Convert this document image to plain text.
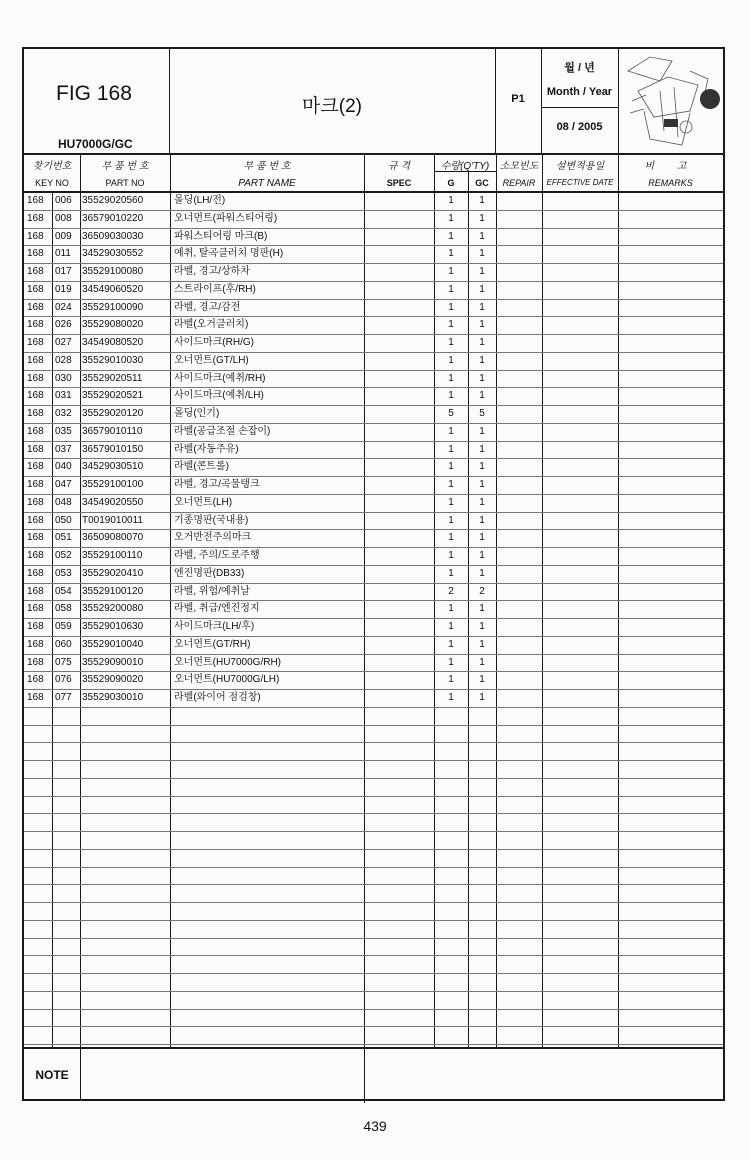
FIG 168
HU7000G/GC
마크(2)	P1
월 / 년
Month / Year
08 / 2005
찾기번호
KEY NO
부 품 번 호
PART NO
부 품 번 호
PART NAME
규 격
SPEC
수량(Q'TY)
G	GC
소모빈도
REPAIR
설변적용일
EFFECTIVE DATE
비 고
REMARKS
168 006 35529020560	몰딩(LH/전)	1	1
168 008 36579010220	오너먼트(파워스티어링)	1	1
168 009 36509030030	파워스티어링 마크(B)	1	1
168 011 34529030552	예취, 탈곡클러치 명판(H)	1	1
168 017 35529100080	라벨, 경고/상하차	1	1
168 019 34549060520	스트라이프(후/RH)	1	1
168 024 35529100090	라벨, 경고/감전	1	1
168 026 35529080020	라벨(오거클러치)	1	1
168 027 34549080520	사이드마크(RH/G)	1	1
168 028 35529010030	오너먼트(GT/LH)	1	1
168 030 35529020511	사이드마크(예취/RH)	1	1
168 031 35529020521	사이드마크(예취/LH)	1	1
168 032 35529020120	몰딩(인기)	5	5
168 035 36579010110	라벨(공급조절 손잡이)	1	1
168 037 36579010150	라벨(자동주유)	1	1
168 040 34529030510	라벨(콘트롤)	1	1
168 047 35529100100	라벨, 경고/곡물탱크	1	1
168 048 34549020550	오너먼트(LH)	1	1
168 050 T0019010011	기종명판(국내용)	1	1
168 051 36509080070	오거반전주의마크	1	1
168 052 35529100110	라벨, 주의/도로주행	1	1
168 053 35529020410	엔진명판(DB33)	1	1
168 054 35529100120	라벨, 위험/예취날	2	2
168 058 35529200080	라벨, 취급/엔진정지	1	1
168 059 35529010630	사이드마크(LH/후)	1	1
168 060 35529010040	오너먼트(GT/RH)	1	1
168 075 35529090010	오너먼트(HU7000G/RH)	1	1
168 076 35529090020	오너먼트(HU7000G/LH)	1	1
168 077 35529030010	라벨(와이어 점검창)	1	1
NOTE
439
